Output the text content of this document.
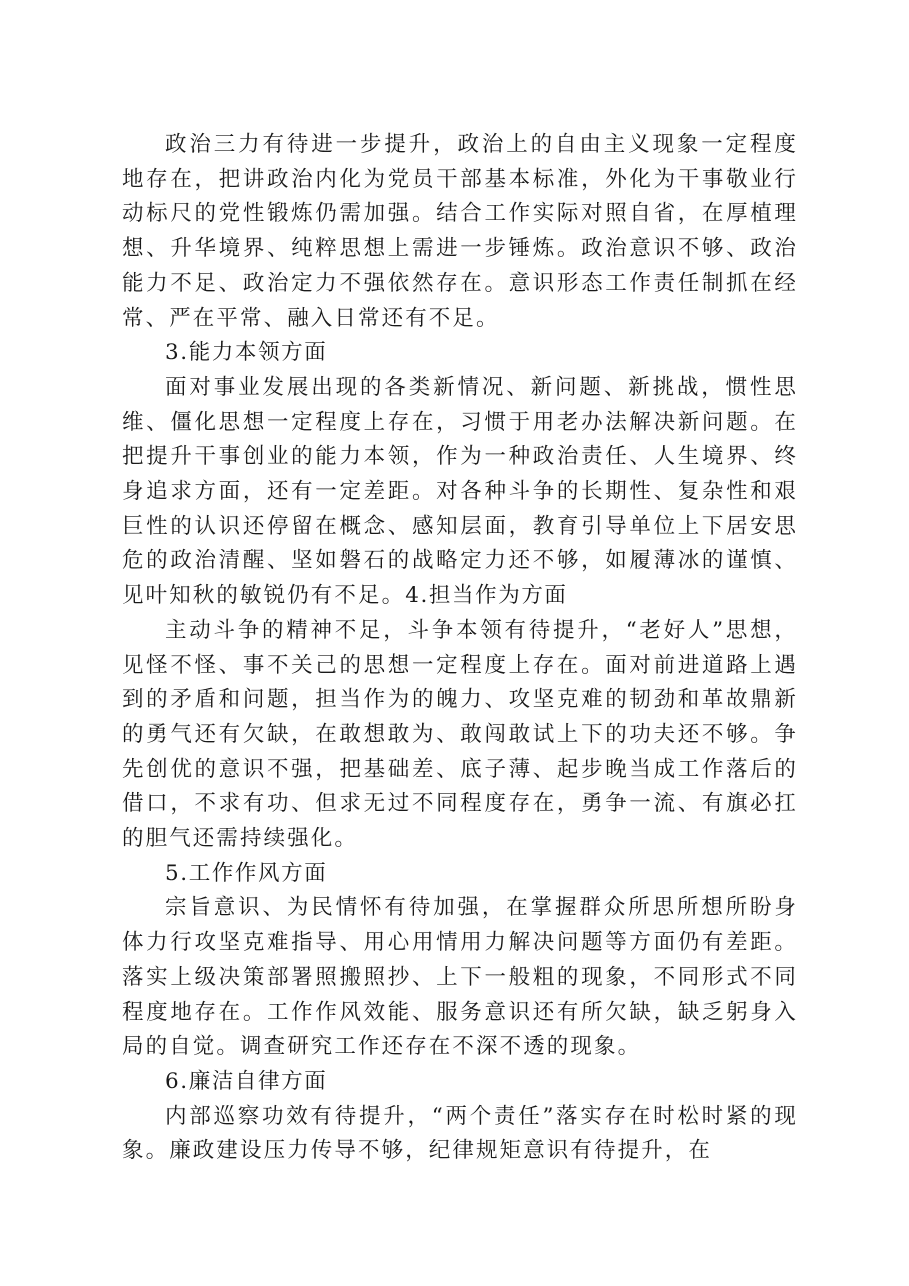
政治三力有待进一步提升，政治上的自由主义现象一定程度地存在，把讲政治内化为党员干部基本标准，外化为干事敬业行动标尺的党性锻炼仍需加强。结合工作实际对照自省，在厚植理想、升华境界、纯粹思想上需进一步锤炼。政治意识不够、政治能力不足、政治定力不强依然存在。意识形态工作责任制抓在经常、严在平常、融入日常还有不足。

3.能力本领方面

面对事业发展出现的各类新情况、新问题、新挑战，惯性思维、僵化思想一定程度上存在，习惯于用老办法解决新问题。在把提升干事创业的能力本领，作为一种政治责任、人生境界、终身追求方面，还有一定差距。对各种斗争的长期性、复杂性和艰巨性的认识还停留在概念、感知层面，教育引导单位上下居安思危的政治清醒、坚如磐石的战略定力还不够，如履薄冰的谨慎、见叶知秋的敏锐仍有不足。4.担当作为方面

主动斗争的精神不足，斗争本领有待提升，“老好人”思想，见怪不怪、事不关己的思想一定程度上存在。面对前进道路上遇到的矛盾和问题，担当作为的魄力、攻坚克难的韧劲和革故鼎新的勇气还有欠缺，在敢想敢为、敢闯敢试上下的功夫还不够。争先创优的意识不强，把基础差、底子薄、起步晚当成工作落后的借口，不求有功、但求无过不同程度存在，勇争一流、有旗必扛的胆气还需持续强化。

5.工作作风方面

宗旨意识、为民情怀有待加强，在掌握群众所思所想所盼身体力行攻坚克难指导、用心用情用力解决问题等方面仍有差距。落实上级决策部署照搬照抄、上下一般粗的现象，不同形式不同程度地存在。工作作风效能、服务意识还有所欠缺，缺乏躬身入局的自觉。调查研究工作还存在不深不透的现象。

6.廉洁自律方面

内部巡察功效有待提升，“两个责任”落实存在时松时紧的现象。廉政建设压力传导不够，纪律规矩意识有待提升，在
